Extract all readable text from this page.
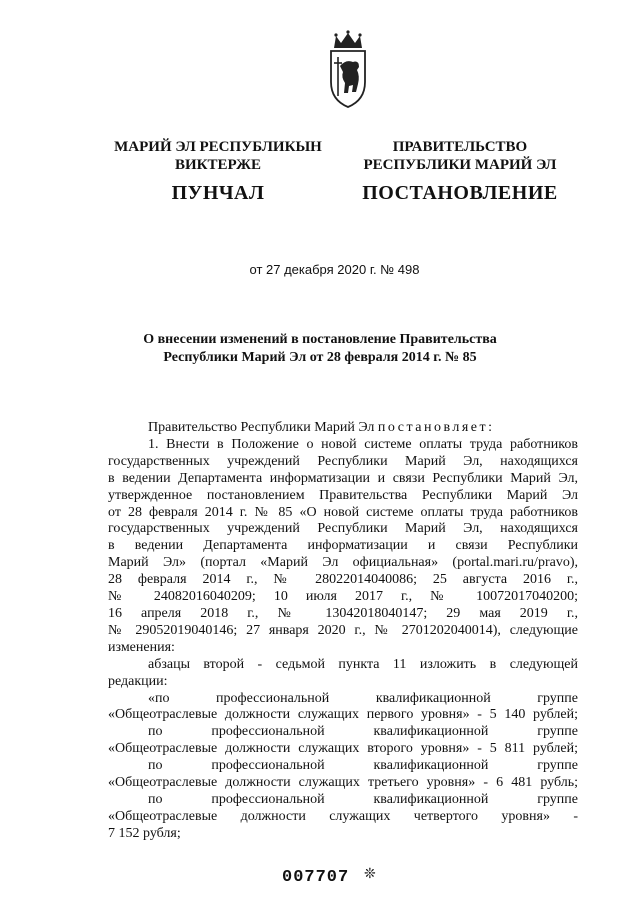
МАРИЙ ЭЛ РЕСПУБЛИКЫН
ВИКТЕРЖЕ
ПУНЧАЛ
ПРАВИТЕЛЬСТВО
РЕСПУБЛИКИ МАРИЙ ЭЛ
ПОСТАНОВЛЕНИЕ
от 27 декабря 2020 г. № 498
О внесении изменений в постановление Правительства
Республики Марий Эл от 28 февраля 2014 г. № 85

Правительство Республики Марий Эл постановляет:

1. Внести в Положение о новой системе оплаты труда работников

государственных учреждений Республики Марий Эл, находящихся

в ведении Департамента информатизации и связи Республики Марий Эл,

утвержденное постановлением Правительства Республики Марий Эл

от 28 февраля 2014 г. № 85 «О новой системе оплаты труда работников

государственных учреждений Республики Марий Эл, находящихся

в ведении Департамента информатизации и связи Республики

Марий Эл» (портал «Марий Эл официальная» (portal.mari.ru/pravo),

28 февраля 2014 г., № 28022014040086; 25 августа 2016 г.,

№ 24082016040209; 10 июля 2017 г., № 10072017040200;

16 апреля 2018 г., № 13042018040147; 29 мая 2019 г.,

№ 29052019040146; 27 января 2020 г., № 2701202040014), следующие

изменения:

абзацы второй - седьмой пункта 11 изложить в следующей

редакции:

«по профессиональной квалификационной группе

«Общеотраслевые должности служащих первого уровня» - 5 140 рублей;

по профессиональной квалификационной группе

«Общеотраслевые должности служащих второго уровня» - 5 811 рублей;

по профессиональной квалификационной группе

«Общеотраслевые должности служащих третьего уровня» - 6 481 рубль;

по профессиональной квалификационной группе

«Общеотраслевые должности служащих четвертого уровня» -

7 152 рубля;

007707 ❊
